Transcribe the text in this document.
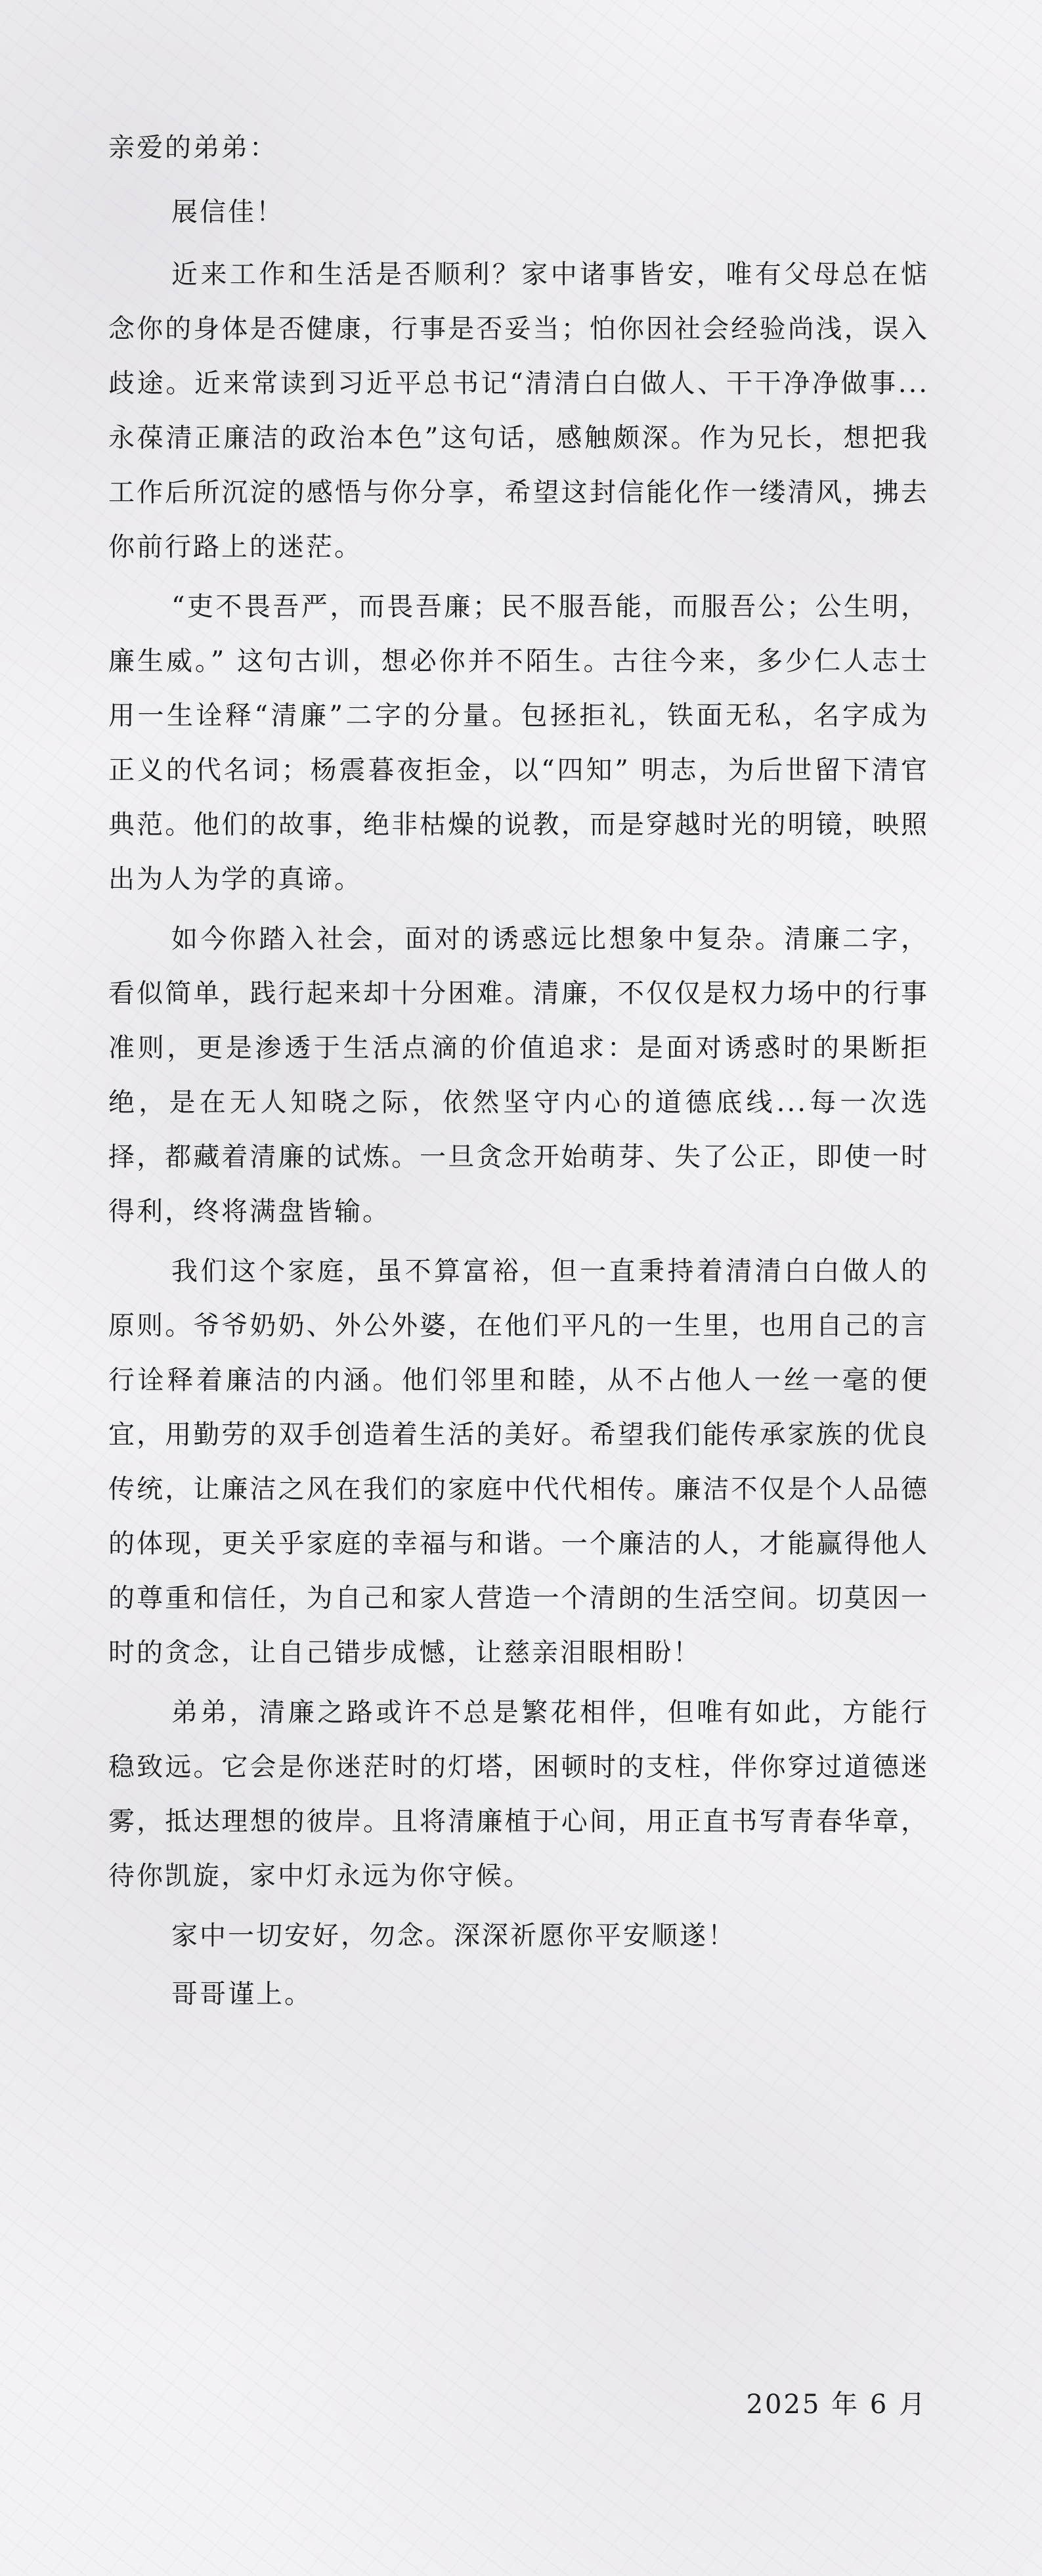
亲爱的弟弟：

展信佳！

近来工作和生活是否顺利？家中诸事皆安，唯有父母总在惦念你的身体是否健康，行事是否妥当；怕你因社会经验尚浅，误入歧途。近来常读到习近平总书记“清清白白做人、干干净净做事...永葆清正廉洁的政治本色”这句话，感触颇深。作为兄长，想把我工作后所沉淀的感悟与你分享，希望这封信能化作一缕清风，拂去你前行路上的迷茫。

“吏不畏吾严，而畏吾廉；民不服吾能，而服吾公；公生明，廉生威。” 这句古训，想必你并不陌生。古往今来，多少仁人志士用一生诠释“清廉”二字的分量。包拯拒礼，铁面无私，名字成为正义的代名词；杨震暮夜拒金，以“四知” 明志，为后世留下清官典范。他们的故事，绝非枯燥的说教，而是穿越时光的明镜，映照出为人为学的真谛。

如今你踏入社会，面对的诱惑远比想象中复杂。清廉二字，看似简单，践行起来却十分困难。清廉，不仅仅是权力场中的行事准则，更是渗透于生活点滴的价值追求：是面对诱惑时的果断拒绝，是在无人知晓之际，依然坚守内心的道德底线...每一次选择，都藏着清廉的试炼。一旦贪念开始萌芽、失了公正，即使一时得利，终将满盘皆输。

我们这个家庭，虽不算富裕，但一直秉持着清清白白做人的原则。爷爷奶奶、外公外婆，在他们平凡的一生里，也用自己的言行诠释着廉洁的内涵。他们邻里和睦，从不占他人一丝一毫的便宜，用勤劳的双手创造着生活的美好。希望我们能传承家族的优良传统，让廉洁之风在我们的家庭中代代相传。廉洁不仅是个人品德的体现，更关乎家庭的幸福与和谐。一个廉洁的人，才能赢得他人的尊重和信任，为自己和家人营造一个清朗的生活空间。切莫因一时的贪念，让自己错步成憾，让慈亲泪眼相盼！

弟弟，清廉之路或许不总是繁花相伴，但唯有如此，方能行稳致远。它会是你迷茫时的灯塔，困顿时的支柱，伴你穿过道德迷雾，抵达理想的彼岸。且将清廉植于心间，用正直书写青春华章，待你凯旋，家中灯永远为你守候。

家中一切安好，勿念。深深祈愿你平安顺遂！

哥哥谨上。

2025 年 6 月
